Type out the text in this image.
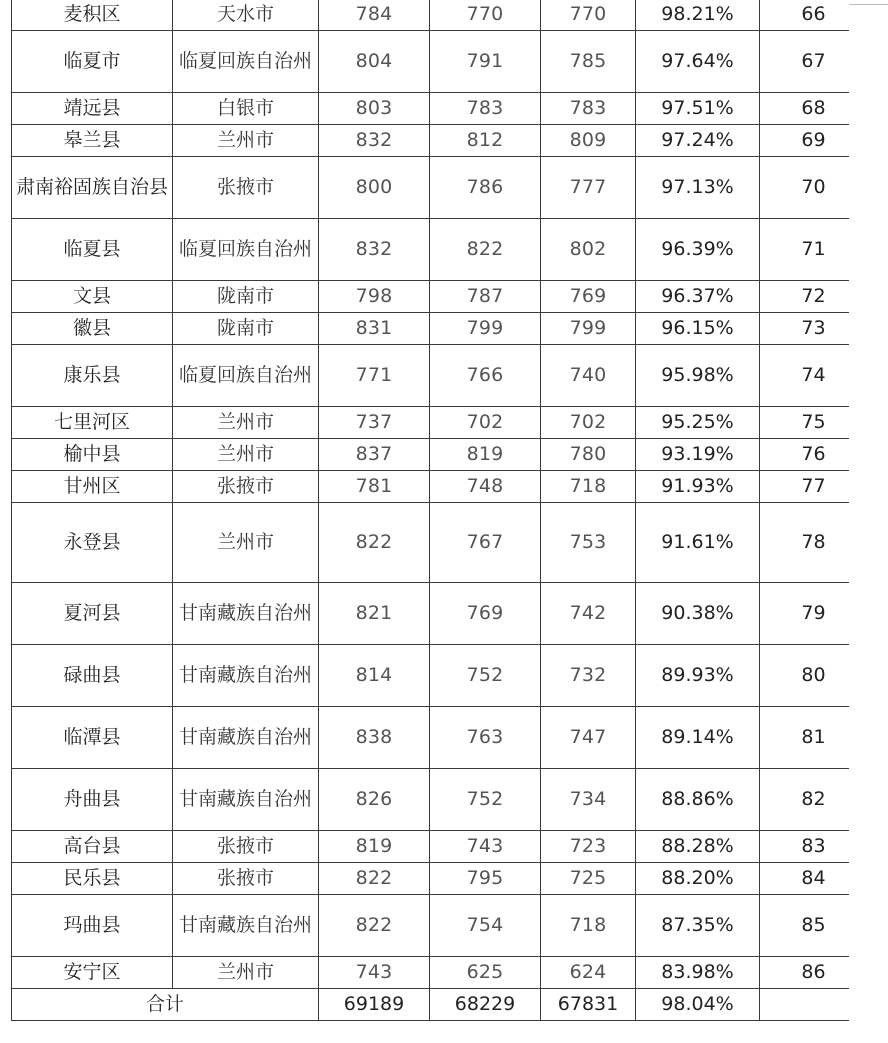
麦积区	天水市	784	770	770	98.21%	66

临夏市	临夏回族自治州	804	791	785	97.64%	67

靖远县	白银市	803	783	783	97.51%	68

皋兰县	兰州市	832	812	809	97.24%	69

肃南裕固族自治县	张掖市	800	786	777	97.13%	70

临夏县	临夏回族自治州	832	822	802	96.39%	71

文县	陇南市	798	787	769	96.37%	72

徽县	陇南市	831	799	799	96.15%	73

康乐县	临夏回族自治州	771	766	740	95.98%	74

七里河区	兰州市	737	702	702	95.25%	75

榆中县	兰州市	837	819	780	93.19%	76

甘州区	张掖市	781	748	718	91.93%	77

永登县	兰州市	822	767	753	91.61%	78

夏河县	甘南藏族自治州	821	769	742	90.38%	79

碌曲县	甘南藏族自治州	814	752	732	89.93%	80

临潭县	甘南藏族自治州	838	763	747	89.14%	81

舟曲县	甘南藏族自治州	826	752	734	88.86%	82

高台县	张掖市	819	743	723	88.28%	83

民乐县	张掖市	822	795	725	88.20%	84

玛曲县	甘南藏族自治州	822	754	718	87.35%	85

安宁区	兰州市	743	625	624	83.98%	86

合计		69189	68229	67831	98.04%	
